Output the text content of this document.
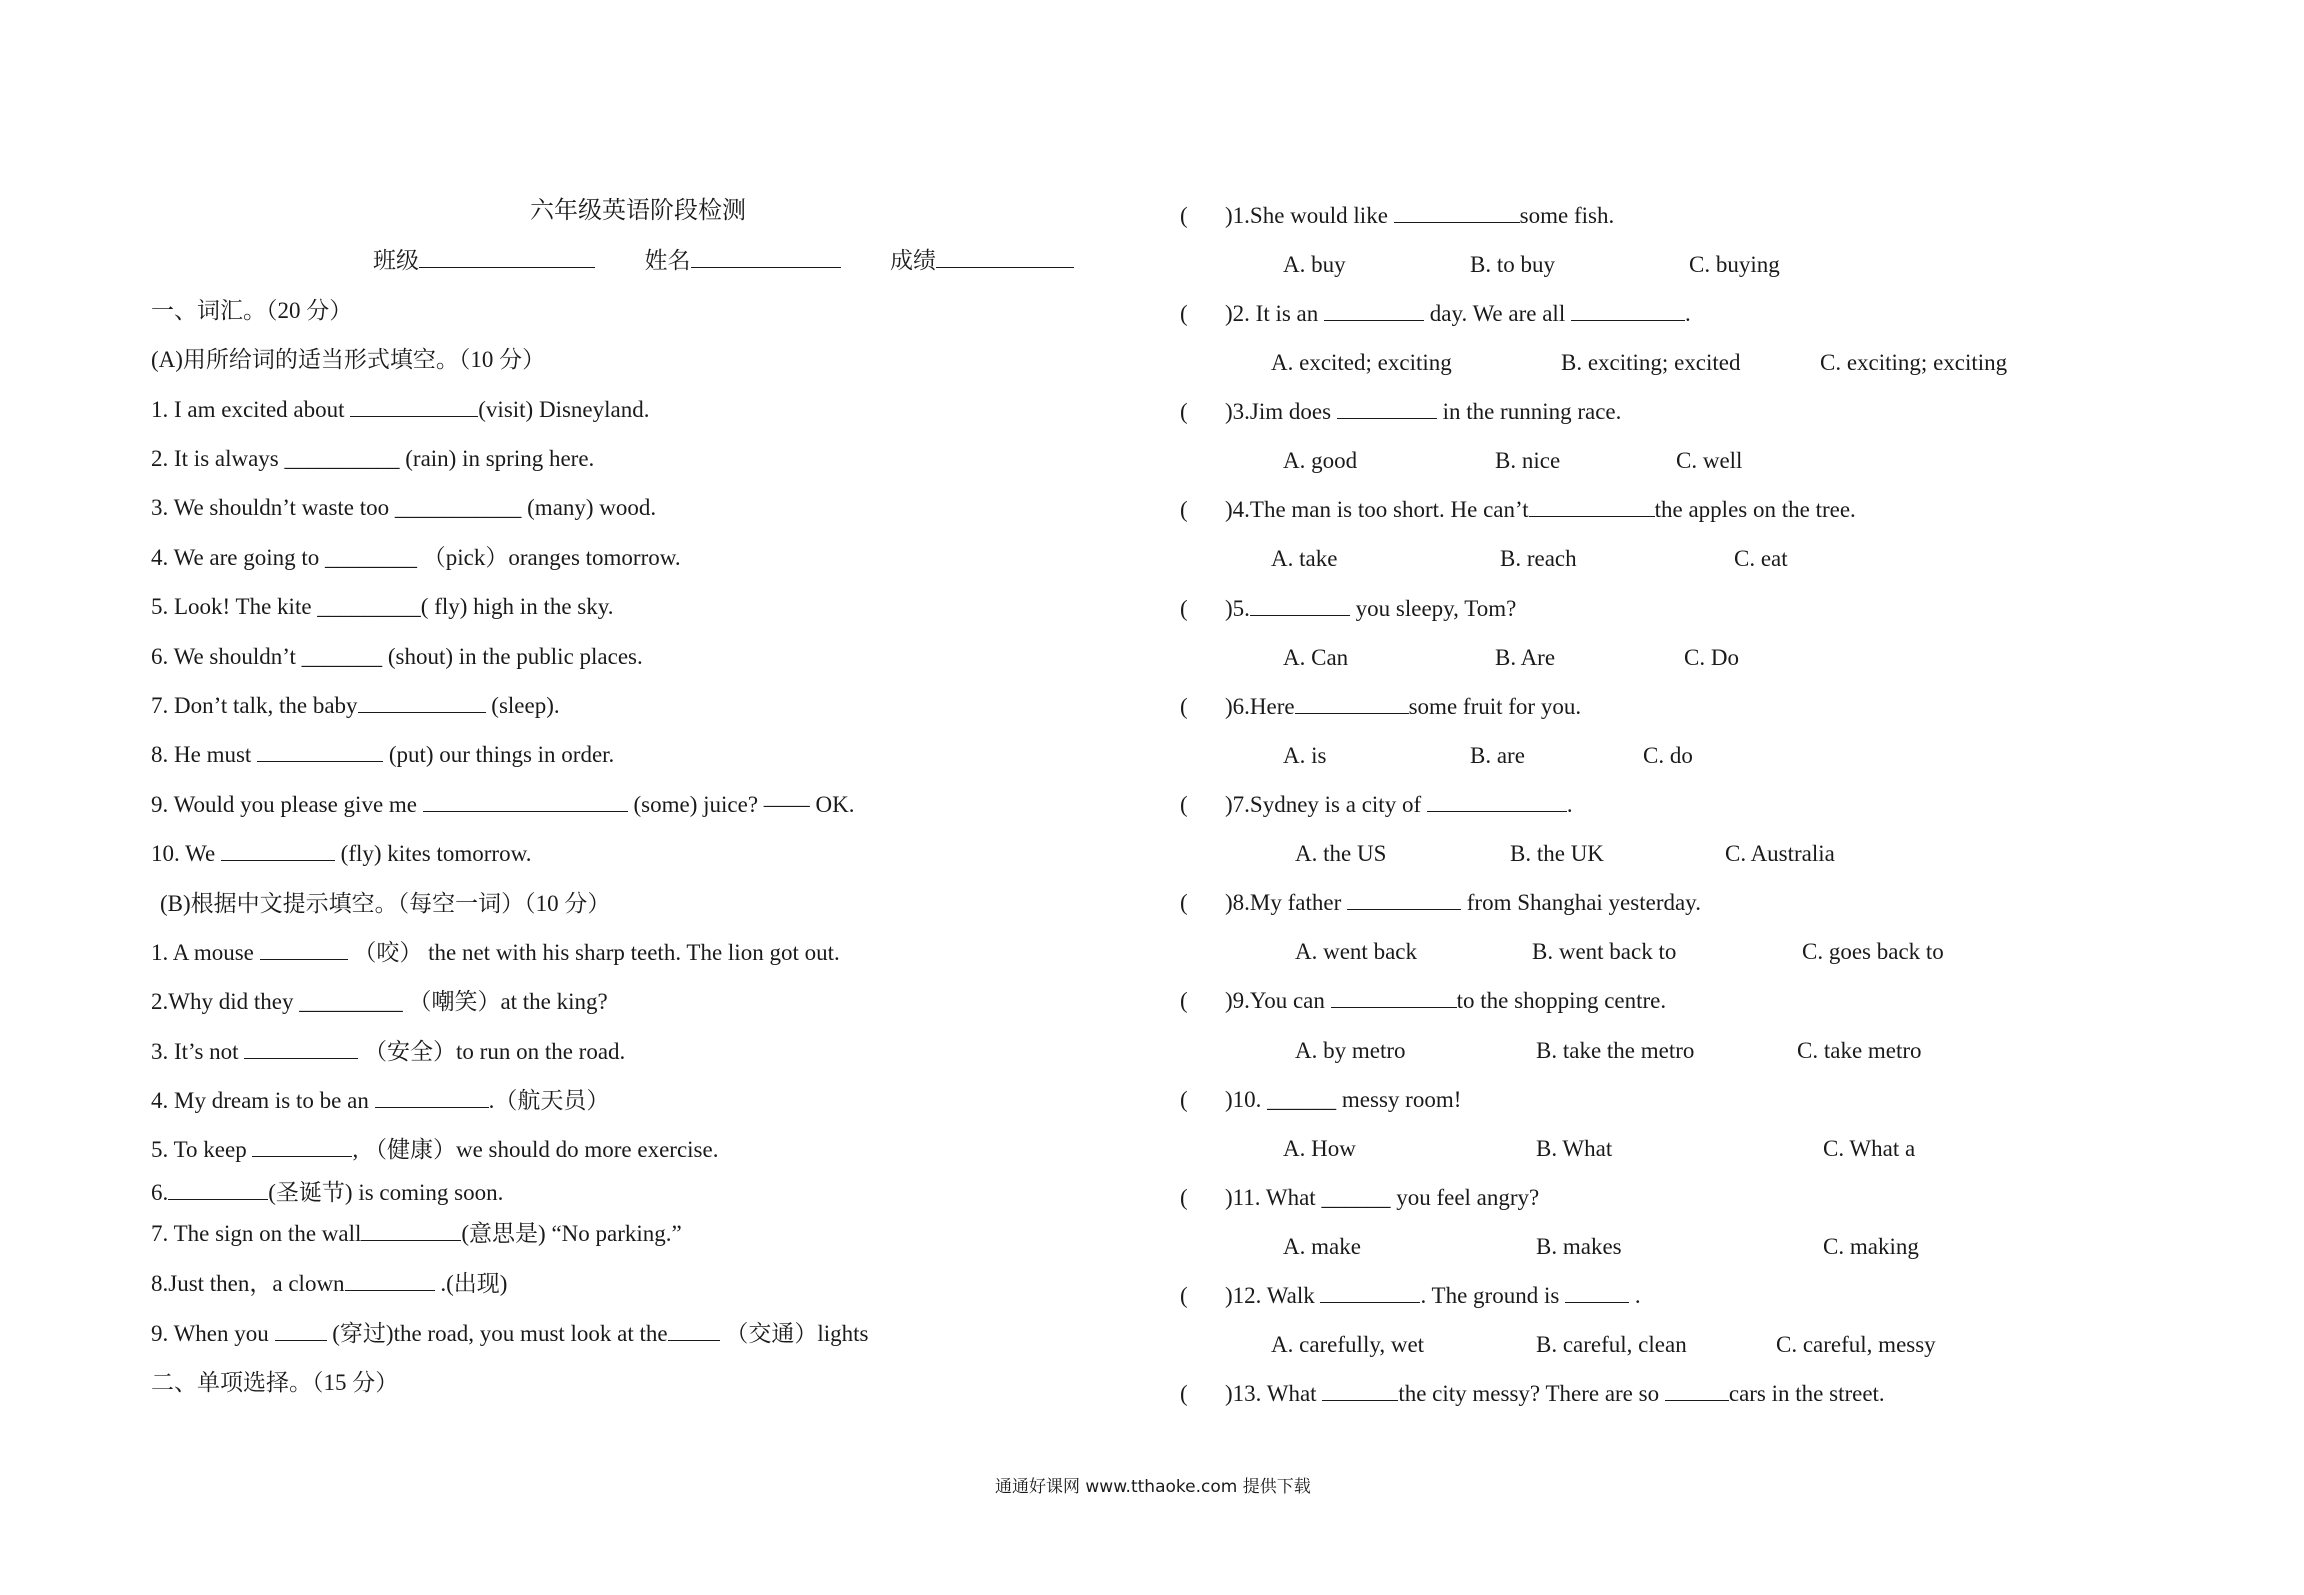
六年级英语阶段检测
班级	姓名	成绩
一、词汇。（20 分）
(A)用所给词的适当形式填空。（10 分）
1. I am excited about	(visit) Disneyland.
2. It is always __________ (rain) in spring here.
3. We shouldn’t waste too ___________ (many) wood.
4. We are going to ________ （pick）oranges tomorrow.
5. Look! The kite _________( fly) high in the sky.
6. We shouldn’t _______ (shout) in the public places.
7. Don’t talk, the baby	(sleep).
8. He must	(put) our things in order.
9. Would you please give me	(some) juice? —— OK.
10. We	(fly) kites tomorrow.
(B)根据中文提示填空。（每空一词）（10 分）
1. A mouse	（咬） the net with his sharp teeth. The lion got out.
2.Why did they _________ （嘲笑）at the king?
3. It’s not	（安全）to run on the road.
4. My dream is to be an	.（航天员）
5. To keep	, （健康）we should do more exercise.
6.	(圣诞节) is coming soon.
7. The sign on the wall	(意思是) “No parking.”
8.Just then，a clown	.(出现)
9. When you  (穿过)the road, you must look at the （交通）lights
二、单项选择。（15 分）
( )1.She would like	some fish.
A. buy	B. to buy	C. buying
( )2. It is an	day. We are all	.
A. excited; exciting	B. exciting; excited	C. exciting; exciting
( )3.Jim does	in the running race.
A. good	B. nice	C. well
( )4.The man is too short. He can’t	the apples on the tree.
A. take	B. reach	C. eat
( )5.	you sleepy, Tom?
A. Can	B. Are	C. Do
( )6.Here	some fruit for you.
A. is	B. are	C. do
( )7.Sydney is a city of	.
A. the US	B. the UK	C. Australia
( )8.My father	from Shanghai yesterday.
A. went back	B. went back to	C. goes back to
( )9.You can	to the shopping centre.
A. by metro	B. take the metro	C. take metro
( )10. ______ messy room!
A. How	B. What	C. What a
( )11. What ______ you feel angry?
A. make	B. makes	C. making
( )12. Walk	. The ground is	.
A. carefully, wet	B. careful, clean	C. careful, messy
( )13. What	the city messy? There are so	cars in the street.
通通好课网 www.tthaoke.com 提供下载
